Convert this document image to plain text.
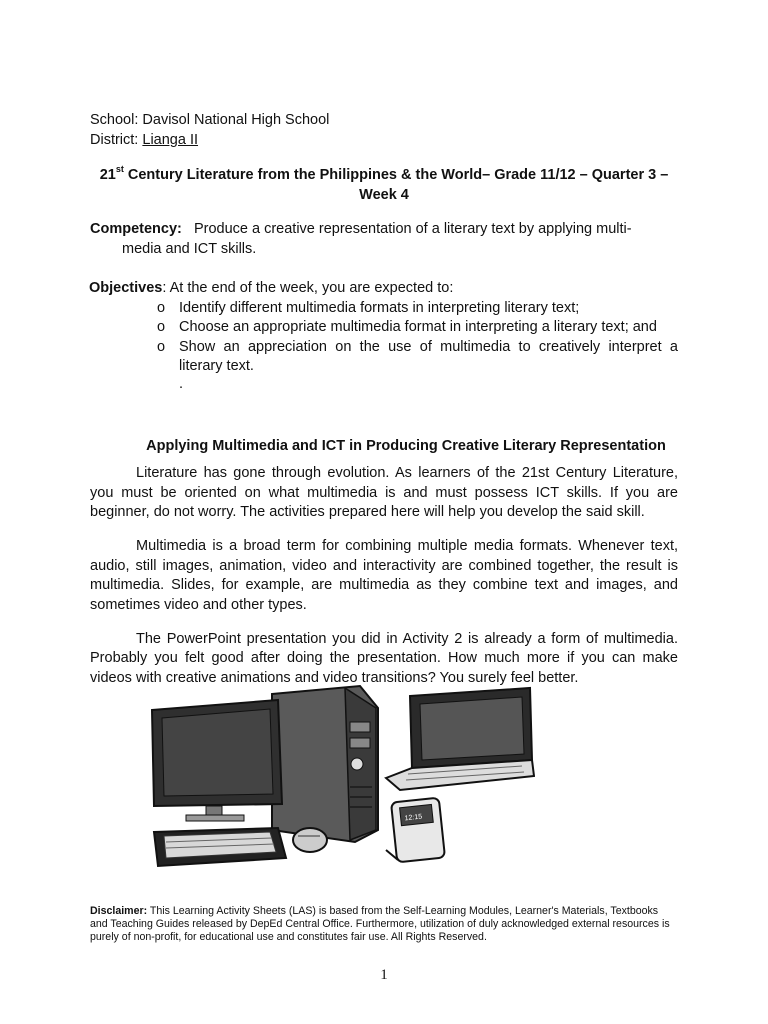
School: Davisol National High School

District: Lianga II

21st Century Literature from the Philippines & the World– Grade 11/12 – Quarter 3 – Week 4
Competency: Produce a creative representation of a literary text by applying multi-
media and ICT skills.
Objectives: At the end of the week, you are expected to:
o Identify different multimedia formats in interpreting literary text;
o Choose an appropriate multimedia format in interpreting a literary text; and
o Show an appreciation on the use of multimedia to creatively interpret a literary text.
.
Applying Multimedia and ICT in Producing Creative Literary Representation

Literature has gone through evolution. As learners of the 21st Century Literature, you must be oriented on what multimedia is and must possess ICT skills. If you are beginner, do not worry. The activities prepared here will help you develop the said skill.

Multimedia is a broad term for combining multiple media formats. Whenever text, audio, still images, animation, video and interactivity are combined together, the result is multimedia. Slides, for example, are multimedia as they combine text and images, and sometimes video and other types.

The PowerPoint presentation you did in Activity 2 is already a form of multimedia. Probably you felt good after doing the presentation. How much more if you can make videos with creative animations and video transitions? You surely feel better.

12:15
Disclaimer: This Learning Activity Sheets (LAS) is based from the Self-Learning Modules, Learner's Materials, Textbooks and Teaching Guides released by DepEd Central Office. Furthermore, utilization of duly acknowledged external resources is purely of non-profit, for educational use and constitutes fair use. All Rights Reserved.
1
